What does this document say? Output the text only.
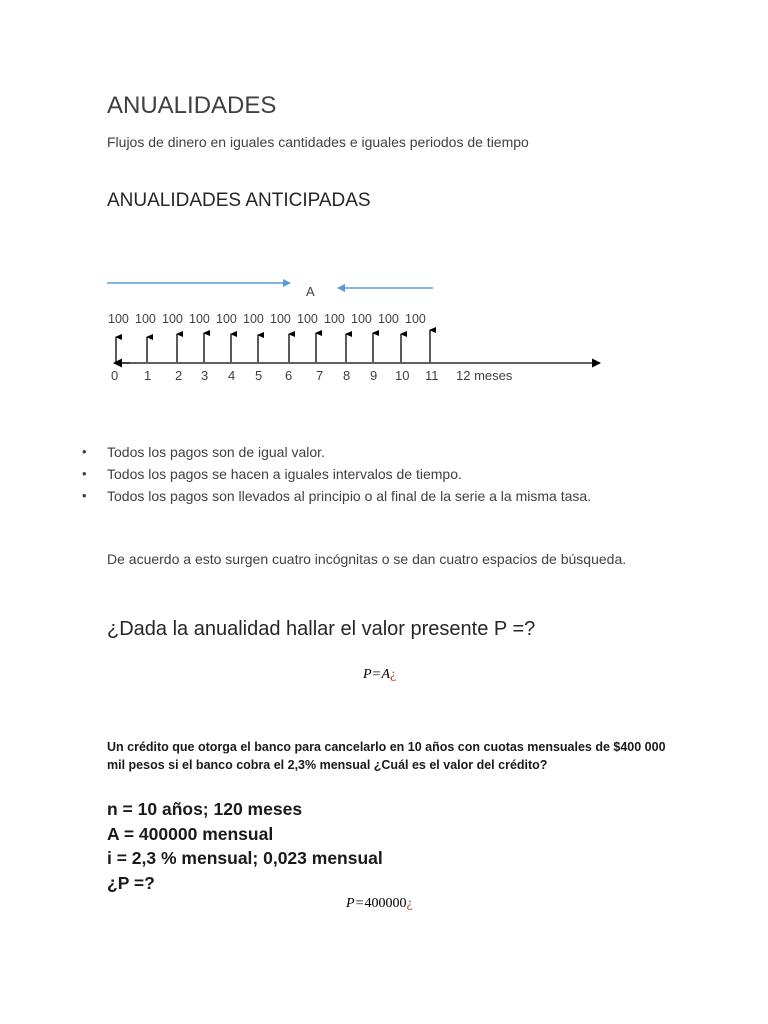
ANUALIDADES
Flujos de dinero en iguales cantidades e iguales periodos de tiempo
ANUALIDADES ANTICIPADAS
A
100 100 100 100 100 100 100 100 100 100 100 100
0 1 2 3 4 5 6 7 8 9 10 11 12 meses
• Todos los pagos son de igual valor.
• Todos los pagos se hacen a iguales intervalos de tiempo.
• Todos los pagos son llevados al principio o al final de la serie a la misma tasa.
De acuerdo a esto surgen cuatro incógnitas o se dan cuatro espacios de búsqueda.
¿Dada la anualidad hallar el valor presente P =?
P=A¿
Un crédito que otorga el banco para cancelarlo en 10 años con cuotas mensuales de $400 000 mil pesos si el banco cobra el 2,3% mensual ¿Cuál es el valor del crédito?
n = 10 años; 120 meses
A = 400000 mensual
i = 2,3 % mensual; 0,023 mensual
¿P =?
P=400000¿
